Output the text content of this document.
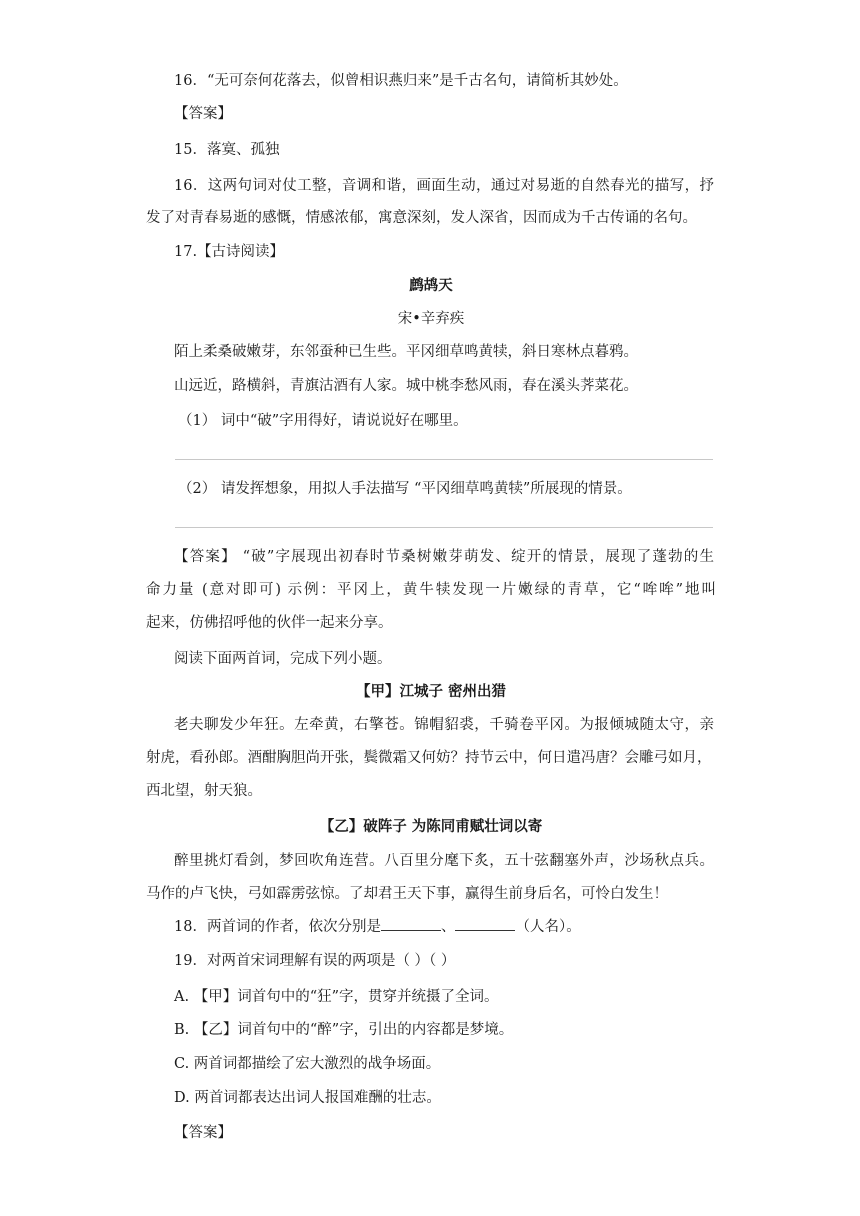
16．“无可奈何花落去，似曾相识燕归来”是千古名句，请简析其妙处。
【答案】
15．落寞、孤独
16．这两句词对仗工整，音调和谐，画面生动，通过对易逝的自然春光的描写，抒
发了对青春易逝的感慨，情感浓郁，寓意深刻，发人深省，因而成为千古传诵的名句。
17.【古诗阅读】
鹧鸪天
宋•辛弃疾
陌上柔桑破嫩芽，东邻蚕种已生些。平冈细草鸣黄犊，斜日寒林点暮鸦。
山远近，路横斜，青旗沽酒有人家。城中桃李愁风雨，春在溪头荠菜花。
（1） 词中“破”字用得好，请说说好在哪里。
（2） 请发挥想象，用拟人手法描写 “平冈细草鸣黄犊”所展现的情景。
【答案】 “破”字展现出初春时节桑树嫩芽萌发、绽开的情景，展现了蓬勃的生
命力量 (意对即可) 示例：平冈上，黄牛犊发现一片嫩绿的青草，它“哞哞”地叫
起来，仿佛招呼他的伙伴一起来分享。
阅读下面两首词，完成下列小题。
【甲】江城子 密州出猎
老夫聊发少年狂。左牵黄，右擎苍。锦帽貂裘，千骑卷平冈。为报倾城随太守，亲
射虎，看孙郎。酒酣胸胆尚开张，鬓微霜又何妨？持节云中，何日遣冯唐？会雕弓如月，
西北望，射天狼。
【乙】破阵子 为陈同甫赋壮词以寄
醉里挑灯看剑，梦回吹角连营。八百里分麾下炙，五十弦翻塞外声，沙场秋点兵。
马作的卢飞快，弓如霹雳弦惊。了却君王天下事，赢得生前身后名，可怜白发生！
18．两首词的作者，依次分别是	、	（人名）。
19．对两首宋词理解有误的两项是（ ）（ ）
A. 【甲】词首句中的“狂”字，贯穿并统摄了全词。
B. 【乙】词首句中的“醉”字，引出的内容都是梦境。
C. 两首词都描绘了宏大激烈的战争场面。
D. 两首词都表达出词人报国难酬的壮志。
【答案】
